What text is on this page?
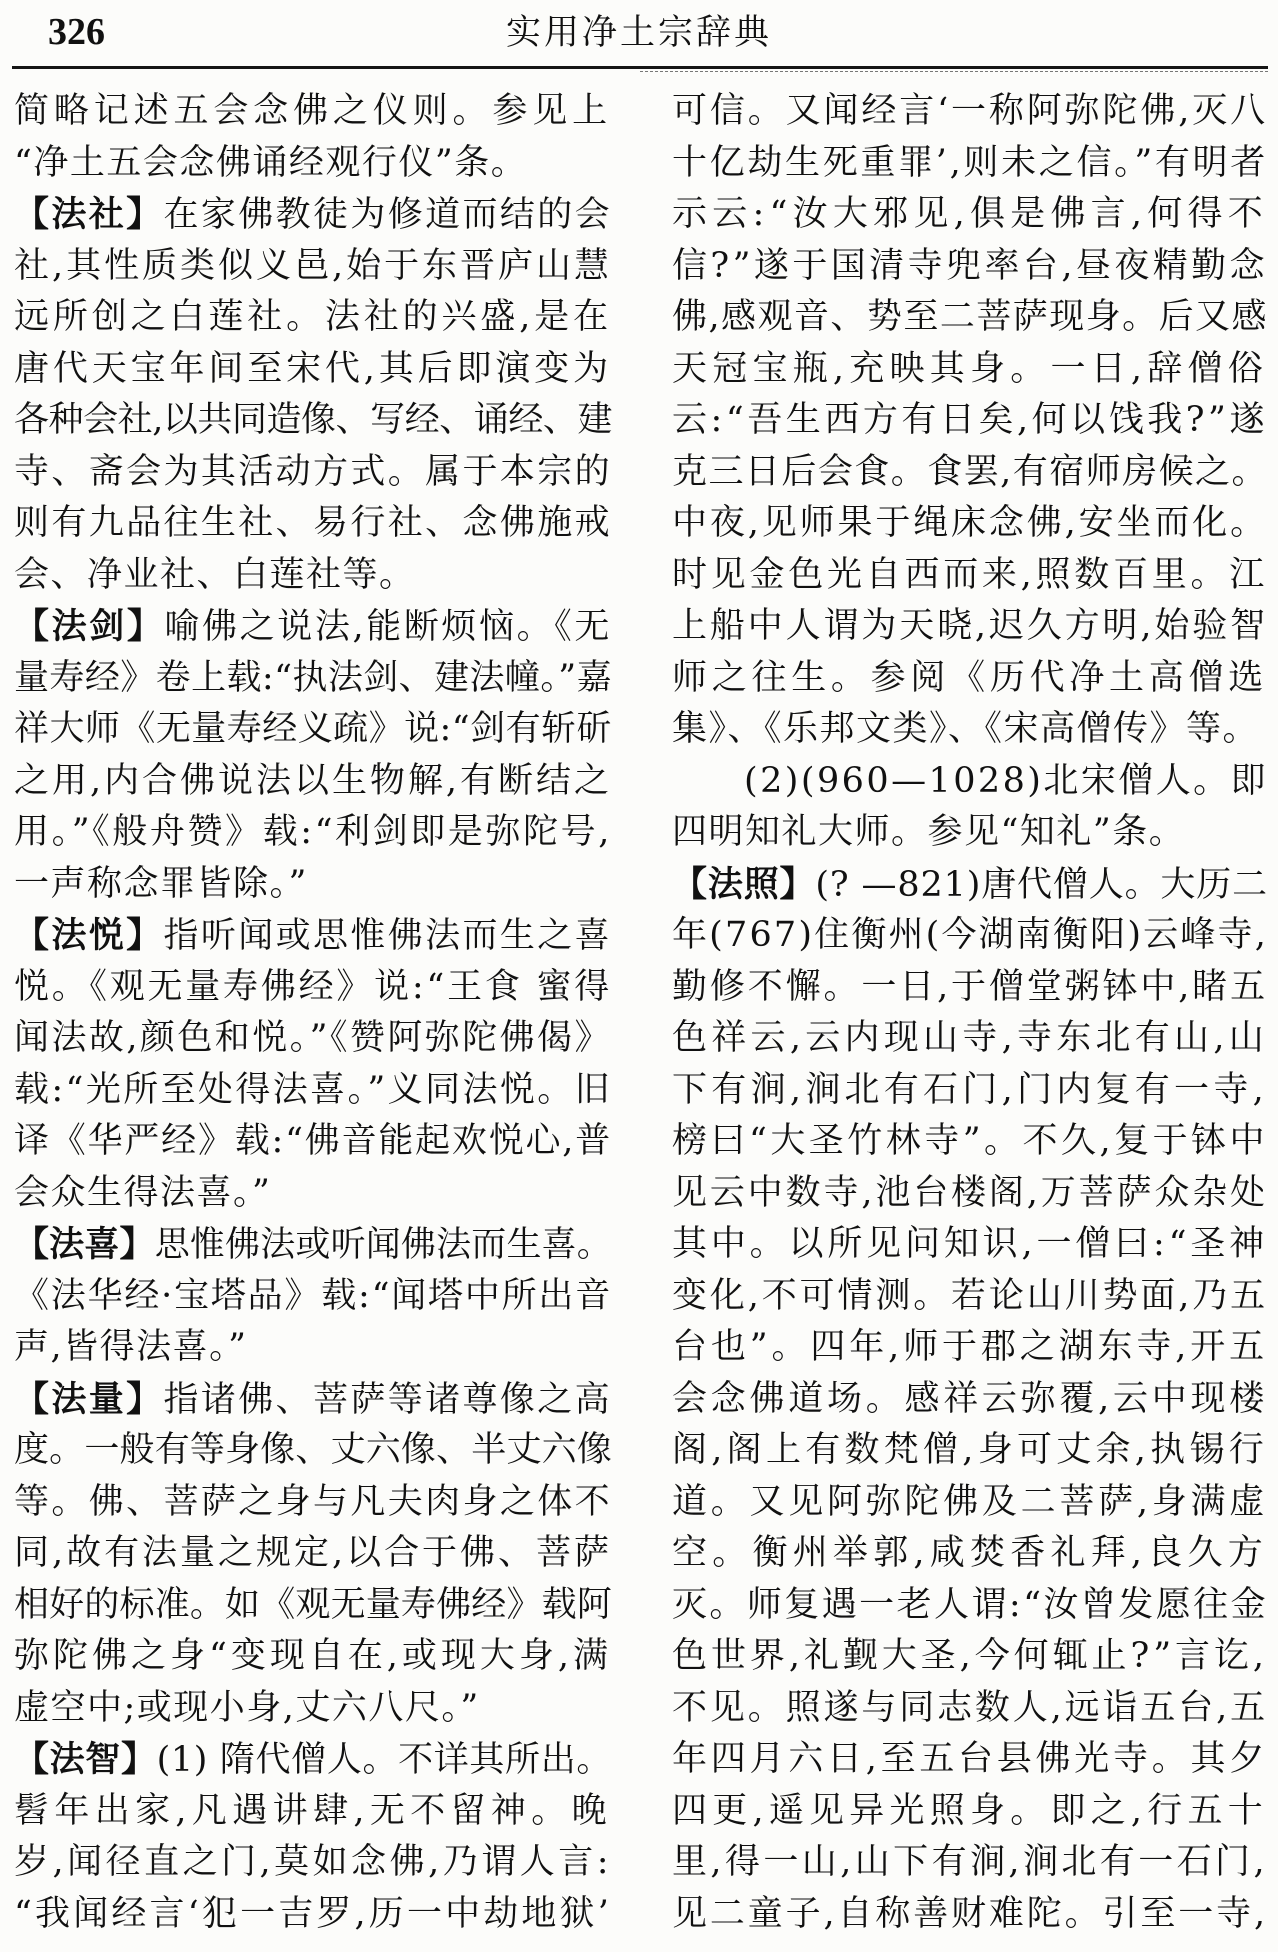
326	实用净土宗辞典
简略记述五会念佛之仪则。参见上
“净土五会念佛诵经观行仪”条。
【法社】在家佛教徒为修道而结的会
社,其性质类似义邑,始于东晋庐山慧
远所创之白莲社。法社的兴盛,是在
唐代天宝年间至宋代,其后即演变为
各种会社,以共同造像、写经、诵经、建
寺、斋会为其活动方式。属于本宗的
则有九品往生社、易行社、念佛施戒
会、净业社、白莲社等。
【法剑】喻佛之说法,能断烦恼。《无
量寿经》卷上载:“执法剑、建法幢。”嘉
祥大师《无量寿经义疏》说:“剑有斩斫
之用,内合佛说法以生物解,有断结之
用。”《般舟赞》载:“利剑即是弥陀号,
一声称念罪皆除。”
【法悦】指听闻或思惟佛法而生之喜
悦。《观无量寿佛经》说:“王食 蜜得
闻法故,颜色和悦。”《赞阿弥陀佛偈》
载:“光所至处得法喜。”义同法悦。旧
译《华严经》载:“佛音能起欢悦心,普
会众生得法喜。”
【法喜】思惟佛法或听闻佛法而生喜。
《法华经·宝塔品》载:“闻塔中所出音
声,皆得法喜。”
【法量】指诸佛、菩萨等诸尊像之高
度。一般有等身像、丈六像、半丈六像
等。佛、菩萨之身与凡夫肉身之体不
同,故有法量之规定,以合于佛、菩萨
相好的标准。如《观无量寿佛经》载阿
弥陀佛之身“变现自在,或现大身,满
虚空中;或现小身,丈六八尺。”
【法智】(1) 隋代僧人。不详其所出。
髫年出家,凡遇讲肆,无不留神。晚
岁,闻径直之门,莫如念佛,乃谓人言:
“我闻经言‘犯一吉罗,历一中劫地狱’
可信。又闻经言‘一称阿弥陀佛,灭八
十亿劫生死重罪’,则未之信。”有明者
示云:“汝大邪见,俱是佛言,何得不
信?”遂于国清寺兜率台,昼夜精勤念
佛,感观音、势至二菩萨现身。后又感
天冠宝瓶,充映其身。一日,辞僧俗
云:“吾生西方有日矣,何以饯我?”遂
克三日后会食。食罢,有宿师房候之。
中夜,见师果于绳床念佛,安坐而化。
时见金色光自西而来,照数百里。江
上船中人谓为天晓,迟久方明,始验智
师之往生。参阅《历代净土高僧选
集》、《乐邦文类》、《宋高僧传》等。
(2)(960—1028)北宋僧人。即
四明知礼大师。参见“知礼”条。
【法照】(? —821)唐代僧人。大历二
年(767)住衡州(今湖南衡阳)云峰寺,
勤修不懈。一日,于僧堂粥钵中,睹五
色祥云,云内现山寺,寺东北有山,山
下有涧,涧北有石门,门内复有一寺,
榜曰“大圣竹林寺”。不久,复于钵中
见云中数寺,池台楼阁,万菩萨众杂处
其中。以所见问知识,一僧曰:“圣神
变化,不可情测。若论山川势面,乃五
台也”。四年,师于郡之湖东寺,开五
会念佛道场。感祥云弥覆,云中现楼
阁,阁上有数梵僧,身可丈余,执锡行
道。又见阿弥陀佛及二菩萨,身满虚
空。衡州举郭,咸焚香礼拜,良久方
灭。师复遇一老人谓:“汝曾发愿往金
色世界,礼觐大圣,今何辄止?”言讫,
不见。照遂与同志数人,远诣五台,五
年四月六日,至五台县佛光寺。其夕
四更,遥见异光照身。即之,行五十
里,得一山,山下有涧,涧北有一石门,
见二童子,自称善财难陀。引至一寺,
